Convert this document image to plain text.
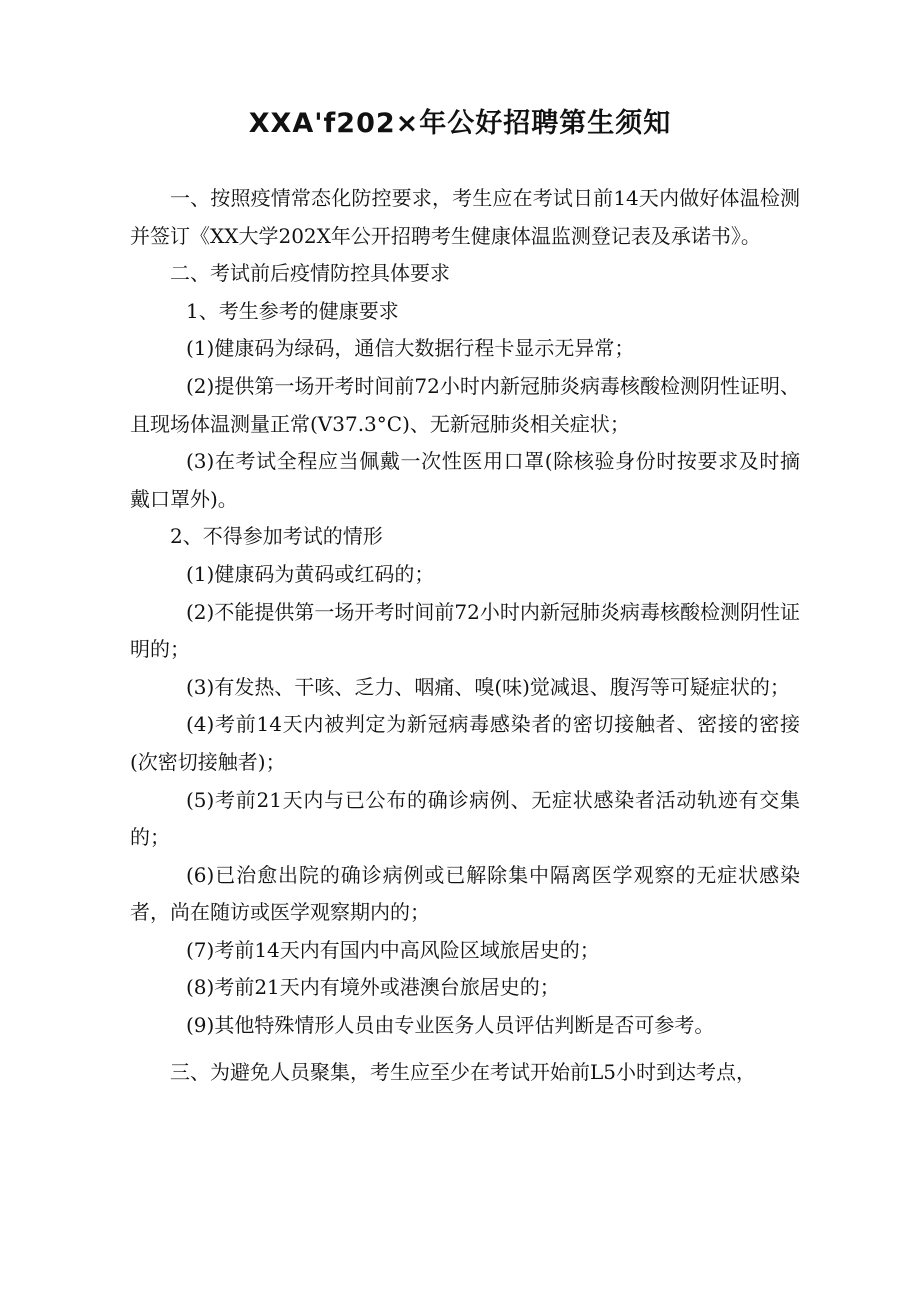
XXA'f202×年公好招聘第生须知

一、按照疫情常态化防控要求，考生应在考试日前14天内做好体温检测并签订《XX大学202X年公开招聘考生健康体温监测登记表及承诺书》。

二、考试前后疫情防控具体要求

1、考生参考的健康要求

(1)健康码为绿码，通信大数据行程卡显示无异常；

(2)提供第一场开考时间前72小时内新冠肺炎病毒核酸检测阴性证明、且现场体温测量正常(V37.3°C)、无新冠肺炎相关症状；

(3)在考试全程应当佩戴一次性医用口罩(除核验身份时按要求及时摘戴口罩外)。

2、不得参加考试的情形

(1)健康码为黄码或红码的；

(2)不能提供第一场开考时间前72小时内新冠肺炎病毒核酸检测阴性证明的；

(3)有发热、干咳、乏力、咽痛、嗅(味)觉减退、腹泻等可疑症状的；

(4)考前14天内被判定为新冠病毒感染者的密切接触者、密接的密接(次密切接触者)；

(5)考前21天内与已公布的确诊病例、无症状感染者活动轨迹有交集的；

(6)已治愈出院的确诊病例或已解除集中隔离医学观察的无症状感染者，尚在随访或医学观察期内的；

(7)考前14天内有国内中高风险区域旅居史的；

(8)考前21天内有境外或港澳台旅居史的；

(9)其他特殊情形人员由专业医务人员评估判断是否可参考。

三、为避免人员聚集，考生应至少在考试开始前L5小时到达考点，
